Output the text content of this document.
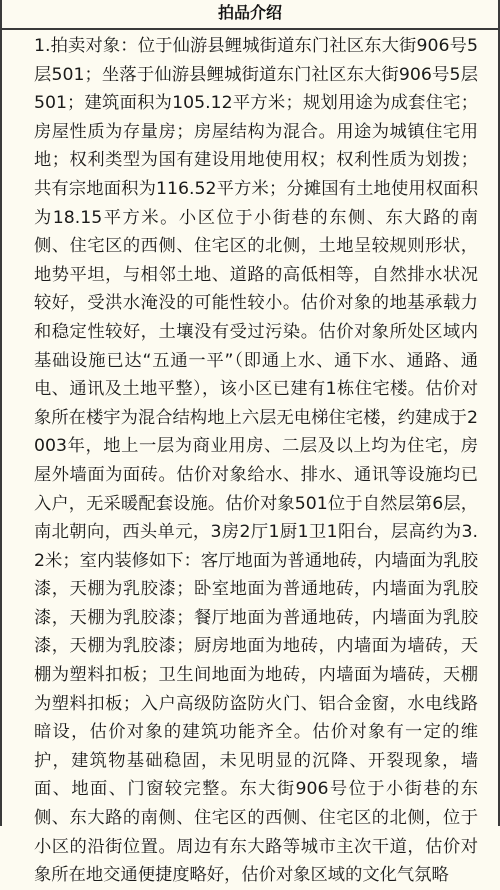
拍品介绍
1.拍卖对象：位于仙游县鲤城街道东门社区东大街906号5层501；坐落于仙游县鲤城街道东门社区东大街906号5层501；建筑面积为105.12平方米；规划用途为成套住宅；房屋性质为存量房；房屋结构为混合。用途为城镇住宅用地；权利类型为国有建设用地使用权；权利性质为划拨；共有宗地面积为116.52平方米；分摊国有土地使用权面积为18.15平方米。小区位于小街巷的东侧、东大路的南侧、住宅区的西侧、住宅区的北侧，土地呈较规则形状，地势平坦，与相邻土地、道路的高低相等，自然排水状况较好，受洪水淹没的可能性较小。估价对象的地基承载力和稳定性较好，土壤没有受过污染。估价对象所处区域内基础设施已达“五通一平”（即通上水、通下水、通路、通电、通讯及土地平整），该小区已建有1栋住宅楼。估价对象所在楼宇为混合结构地上六层无电梯住宅楼，约建成于2003年，地上一层为商业用房、二层及以上均为住宅，房屋外墙面为面砖。估价对象给水、排水、通讯等设施均已入户，无采暖配套设施。估价对象501位于自然层第6层，南北朝向，西头单元，3房2厅1厨1卫1阳台，层高约为3.2米；室内装修如下：客厅地面为普通地砖，内墙面为乳胶漆，天棚为乳胶漆；卧室地面为普通地砖，内墙面为乳胶漆，天棚为乳胶漆；餐厅地面为普通地砖，内墙面为乳胶漆，天棚为乳胶漆；厨房地面为地砖，内墙面为墙砖，天棚为塑料扣板；卫生间地面为地砖，内墙面为墙砖，天棚为塑料扣板；入户高级防盗防火门、铝合金窗，水电线路暗设，估价对象的建筑功能齐全。估价对象有一定的维护，建筑物基础稳固，未见明显的沉降、开裂现象，墙面、地面、门窗较完整。东大街906号位于小街巷的东侧、东大路的南侧、住宅区的西侧、住宅区的北侧，位于小区的沿街位置。周边有东大路等城市主次干道，估价对象所在地交通便捷度略好，估价对象区域的文化气氛略
